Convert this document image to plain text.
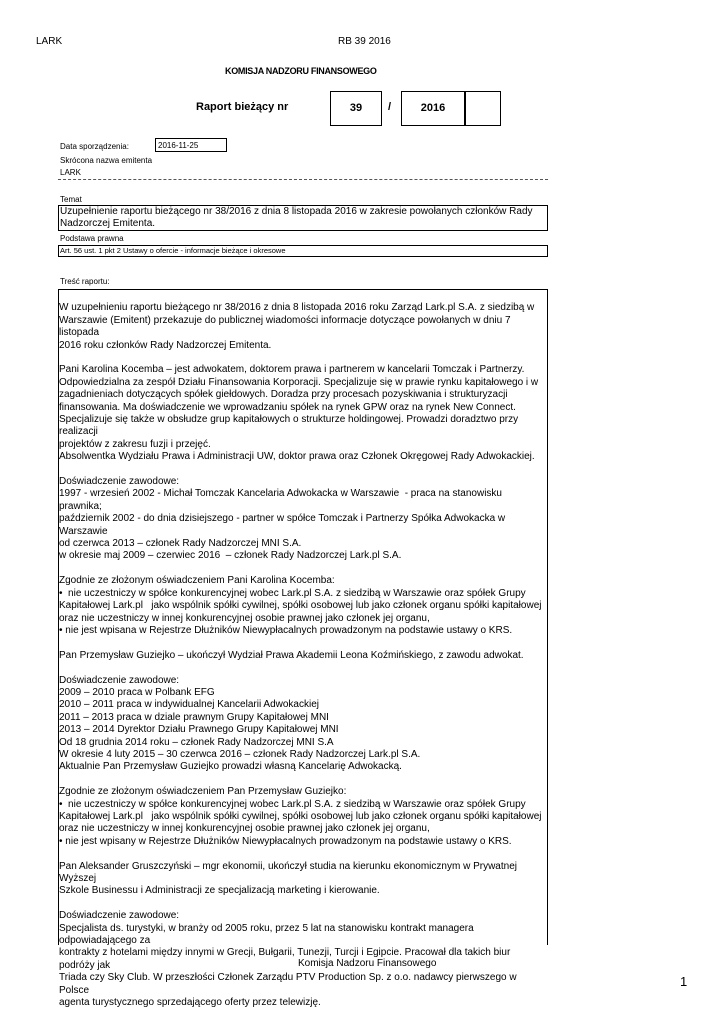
LARK	RB 39 2016
KOMISJA NADZORU FINANSOWEGO
Raport bieżący nr	39	/	2016
Data sporządzenia:	2016-11-25
Skrócona nazwa emitenta
LARK
Temat
Uzupełnienie raportu bieżącego nr 38/2016 z dnia 8 listopada 2016 w zakresie powołanych członków Rady
Nadzorczej Emitenta.
Podstawa prawna
Art. 56 ust. 1 pkt 2 Ustawy o ofercie - informacje bieżące i okresowe
Treść raportu:

W uzupełnieniu raportu bieżącego nr 38/2016 z dnia 8 listopada 2016 roku Zarząd Lark.pl S.A. z siedzibą w

Warszawie (Emitent) przekazuje do publicznej wiadomości informacje dotyczące powołanych w dniu 7 listopada

2016 roku członków Rady Nadzorczej Emitenta.

Pani Karolina Kocemba – jest adwokatem, doktorem prawa i partnerem w kancelarii Tomczak i Partnerzy.

Odpowiedzialna za zespół Działu Finansowania Korporacji. Specjalizuje się w prawie rynku kapitałowego i w

zagadnieniach dotyczących spółek giełdowych. Doradza przy procesach pozyskiwania i strukturyzacji

finansowania. Ma doświadczenie we wprowadzaniu spółek na rynek GPW oraz na rynek New Connect.

Specjalizuje się także w obsłudze grup kapitałowych o strukturze holdingowej. Prowadzi doradztwo przy realizacji

projektów z zakresu fuzji i przejęć.

Absolwentka Wydziału Prawa i Administracji UW, doktor prawa oraz Członek Okręgowej Rady Adwokackiej.

Doświadczenie zawodowe:

1997 - wrzesień 2002 - Michał Tomczak Kancelaria Adwokacka w Warszawie  - praca na stanowisku prawnika;

październik 2002 - do dnia dzisiejszego - partner w spółce Tomczak i Partnerzy Spółka Adwokacka w Warszawie

od czerwca 2013 – członek Rady Nadzorczej MNI S.A.

w okresie maj 2009 – czerwiec 2016  – członek Rady Nadzorczej Lark.pl S.A.

Zgodnie ze złożonym oświadczeniem Pani Karolina Kocemba:

•  nie uczestniczy w spółce konkurencyjnej wobec Lark.pl S.A. z siedzibą w Warszawie oraz spółek Grupy

Kapitałowej Lark.pl   jako wspólnik spółki cywilnej, spółki osobowej lub jako członek organu spółki kapitałowej

oraz nie uczestniczy w innej konkurencyjnej osobie prawnej jako członek jej organu,

• nie jest wpisana w Rejestrze Dłużników Niewypłacalnych prowadzonym na podstawie ustawy o KRS.

Pan Przemysław Guziejko – ukończył Wydział Prawa Akademii Leona Koźmińskiego, z zawodu adwokat.

Doświadczenie zawodowe:

2009 – 2010 praca w Polbank EFG

2010 – 2011 praca w indywidualnej Kancelarii Adwokackiej

2011 – 2013 praca w dziale prawnym Grupy Kapitałowej MNI

2013 – 2014 Dyrektor Działu Prawnego Grupy Kapitałowej MNI

Od 18 grudnia 2014 roku – członek Rady Nadzorczej MNI S.A

W okresie 4 luty 2015 – 30 czerwca 2016 – członek Rady Nadzorczej Lark.pl S.A.

Aktualnie Pan Przemysław Guziejko prowadzi własną Kancelarię Adwokacką.

Zgodnie ze złożonym oświadczeniem Pan Przemysław Guziejko:

•  nie uczestniczy w spółce konkurencyjnej wobec Lark.pl S.A. z siedzibą w Warszawie oraz spółek Grupy

Kapitałowej Lark.pl   jako wspólnik spółki cywilnej, spółki osobowej lub jako członek organu spółki kapitałowej

oraz nie uczestniczy w innej konkurencyjnej osobie prawnej jako członek jej organu,

• nie jest wpisany w Rejestrze Dłużników Niewypłacalnych prowadzonym na podstawie ustawy o KRS.

Pan Aleksander Gruszczyński – mgr ekonomii, ukończył studia na kierunku ekonomicznym w Prywatnej Wyższej

Szkole Businessu i Administracji ze specjalizacją marketing i kierowanie.

Doświadczenie zawodowe:

Specjalista ds. turystyki, w branży od 2005 roku, przez 5 lat na stanowisku kontrakt managera odpowiadającego za

kontrakty z hotelami między innymi w Grecji, Bułgarii, Tunezji, Turcji i Egipcie. Pracował dla takich biur podróży jak

Triada czy Sky Club. W przeszłości Członek Zarządu PTV Production Sp. z o.o. nadawcy pierwszego w Polsce

agenta turystycznego sprzedającego oferty przez telewizję.

Komisja Nadzoru Finansowego
1
